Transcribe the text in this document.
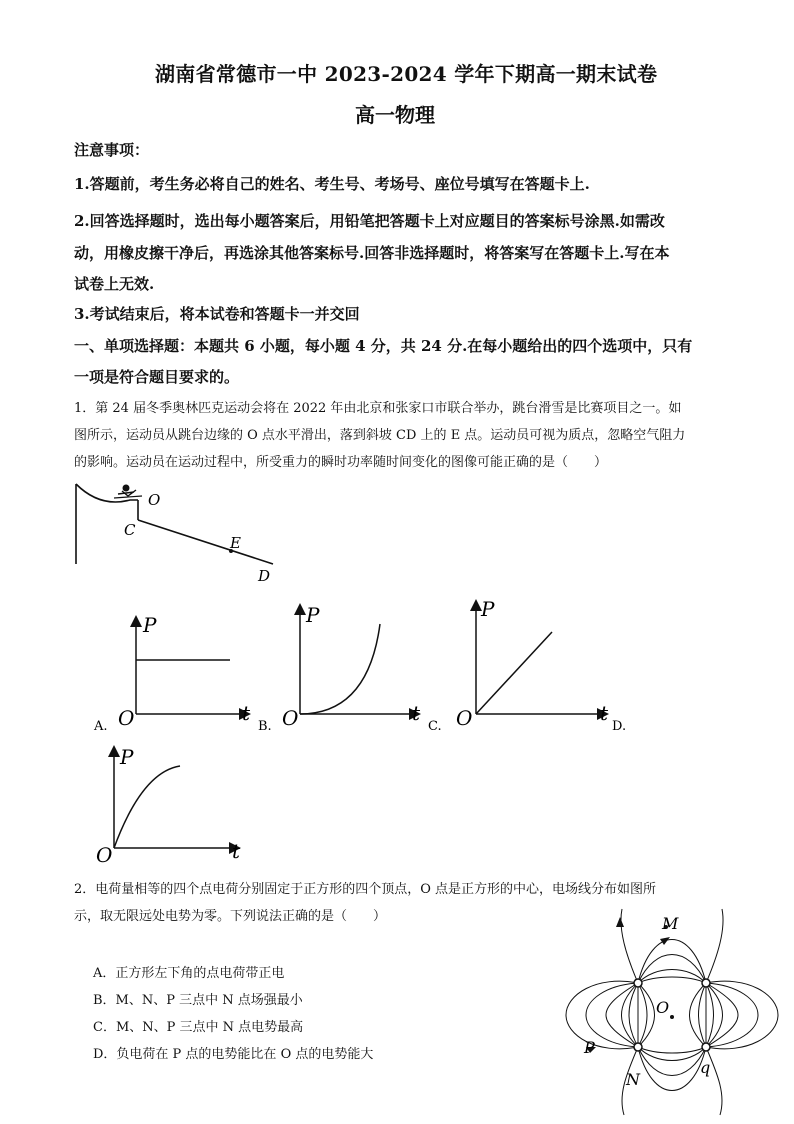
湖南省常德市一中 2023-2024 学年下期高一期末试卷
高一物理
注意事项：
1.答题前，考生务必将自己的姓名、考生号、考场号、座位号填写在答题卡上.
2.回答选择题时，选出每小题答案后，用铅笔把答题卡上对应题目的答案标号涂黑.如需改
动，用橡皮擦干净后，再选涂其他答案标号.回答非选择题时，将答案写在答题卡上.写在本
试卷上无效.
3.考试结束后，将本试卷和答题卡一并交回
一、单项选择题：本题共 6 小题，每小题 4 分，共 24 分.在每小题给出的四个选项中，只有
一项是符合题目要求的。
1．第 24 届冬季奥林匹克运动会将在 2022 年由北京和张家口市联合举办，跳台滑雪是比赛项目之一。如
图所示，运动员从跳台边缘的 O 点水平滑出，落到斜坡 CD 上的 E 点。运动员可视为质点，忽略空气阻力
的影响。运动员在运动过程中，所受重力的瞬时功率随时间变化的图像可能正确的是（　　）
O
C
E
D
P
t
O
A.
P
t
O
B.
P
t
O
C.	D.
P
t
O
2．电荷量相等的四个点电荷分别固定于正方形的四个顶点，O 点是正方形的中心，电场线分布如图所
示，取无限远处电势为零。下列说法正确的是（　　）
A．正方形左下角的点电荷带正电
B．M、N、P 三点中 N 点场强最小
C．M、N、P 三点中 N 点电势最高
D．负电荷在 P 点的电势能比在 O 点的电势能大
M
O
P
N
q
